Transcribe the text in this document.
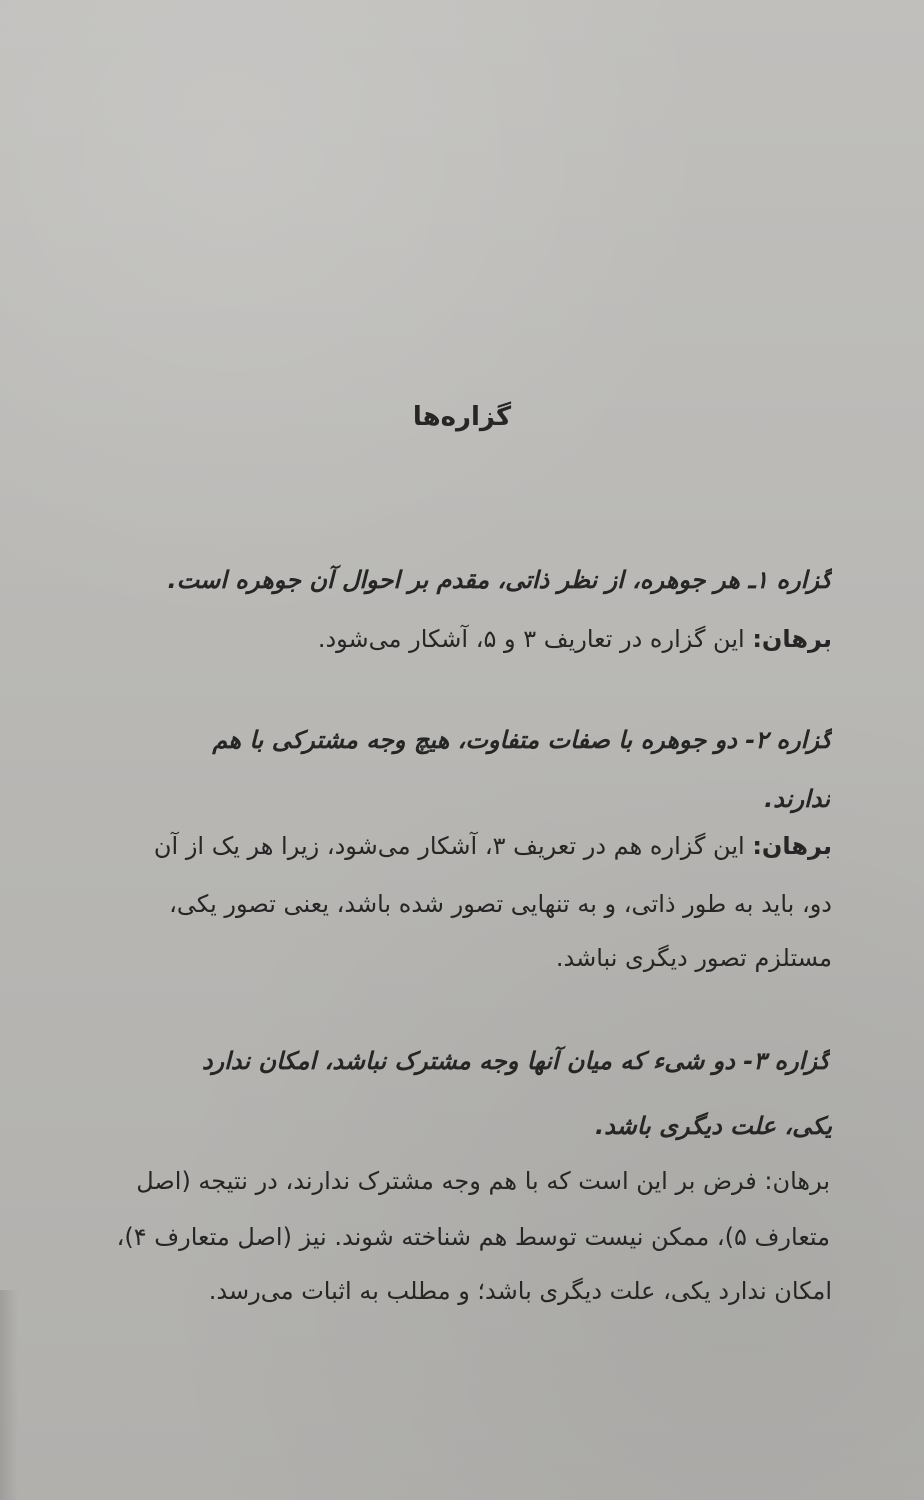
گزاره‌ها
گزاره ۱ـ هر جوهره، از نظر ذاتی، مقدم بر احوال آن جوهره است.
برهان: این گزاره در تعاریف ۳ و ۵، آشکار می‌شود.
گزاره ۲- دو جوهره با صفات متفاوت، هیچ وجه مشترکی با هم
ندارند.
برهان: این گزاره هم در تعریف ۳، آشکار می‌شود، زیرا هر یک از آن
دو، باید به طور ذاتی، و به تنهایی تصور شده باشد، یعنی تصور یکی،
مستلزم تصور دیگری نباشد.
گزاره ۳- دو شیء که میان آنها وجه مشترک نباشد، امکان ندارد
یکی، علت دیگری باشد.
برهان: فرض بر این است که با هم وجه مشترک ندارند، در نتیجه (اصل
متعارف ۵)، ممکن نیست توسط هم شناخته شوند. نیز (اصل متعارف ۴)،
امکان ندارد یکی، علت دیگری باشد؛ و مطلب به اثبات می‌رسد.
